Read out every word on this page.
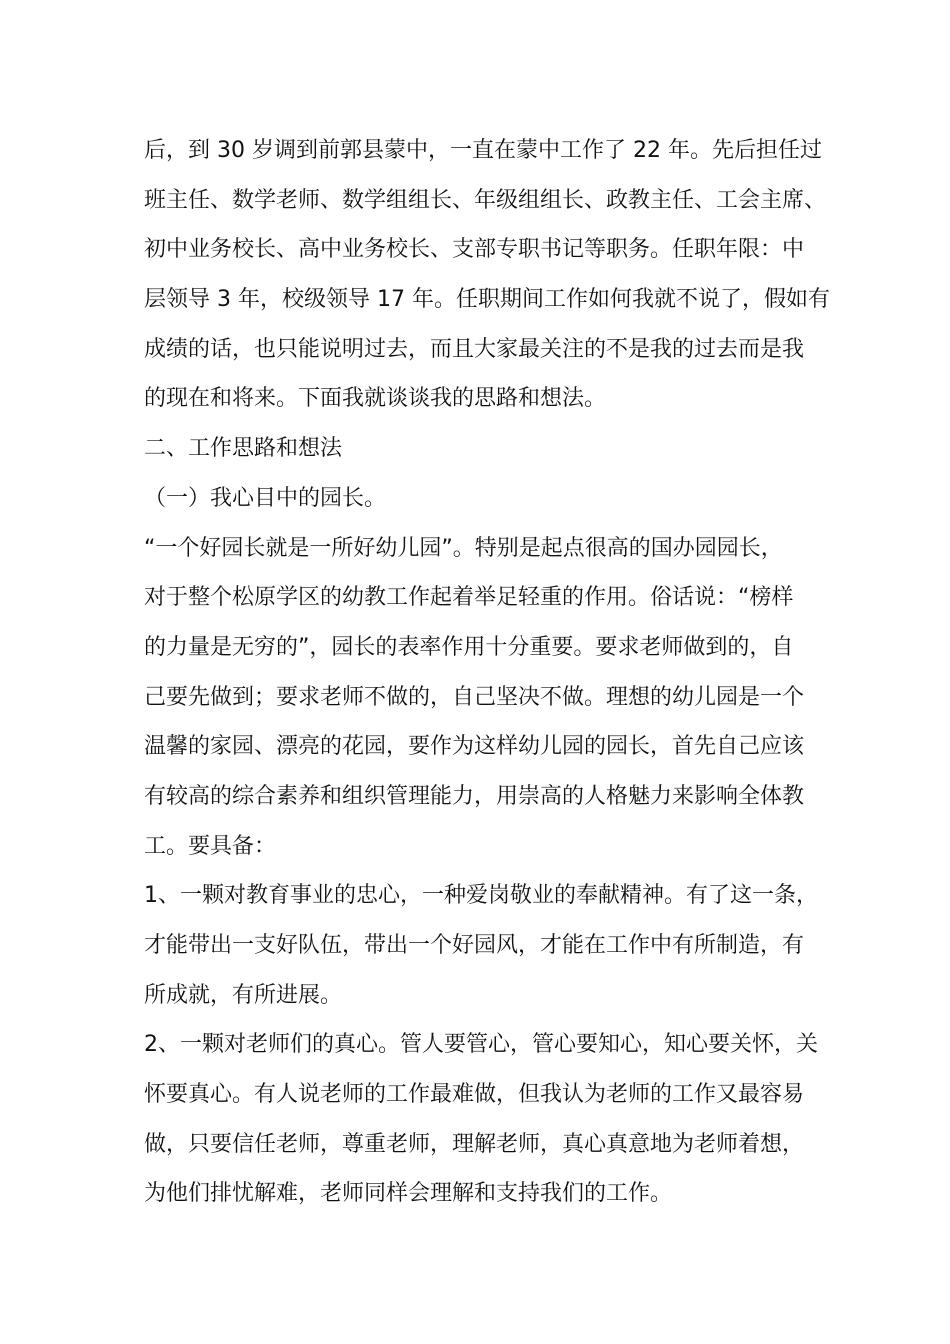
后，到 30 岁调到前郭县蒙中，一直在蒙中工作了 22 年。先后担任过
班主任、数学老师、数学组组长、年级组组长、政教主任、工会主席、
初中业务校长、高中业务校长、支部专职书记等职务。任职年限：中
层领导 3 年，校级领导 17 年。任职期间工作如何我就不说了，假如有
成绩的话，也只能说明过去，而且大家最关注的不是我的过去而是我
的现在和将来。下面我就谈谈我的思路和想法。
二、工作思路和想法
（一）我心目中的园长。
“一个好园长就是一所好幼儿园”。特别是起点很高的国办园园长，
对于整个松原学区的幼教工作起着举足轻重的作用。俗话说：“榜样
的力量是无穷的”，园长的表率作用十分重要。要求老师做到的，自
己要先做到；要求老师不做的，自己坚决不做。理想的幼儿园是一个
温馨的家园、漂亮的花园，要作为这样幼儿园的园长，首先自己应该
有较高的综合素养和组织管理能力，用崇高的人格魅力来影响全体教
工。要具备：
1、一颗对教育事业的忠心，一种爱岗敬业的奉献精神。有了这一条，
才能带出一支好队伍，带出一个好园风，才能在工作中有所制造，有
所成就，有所进展。
2、一颗对老师们的真心。管人要管心，管心要知心，知心要关怀，关
怀要真心。有人说老师的工作最难做，但我认为老师的工作又最容易
做，只要信任老师，尊重老师，理解老师，真心真意地为老师着想，
为他们排忧解难，老师同样会理解和支持我们的工作。
